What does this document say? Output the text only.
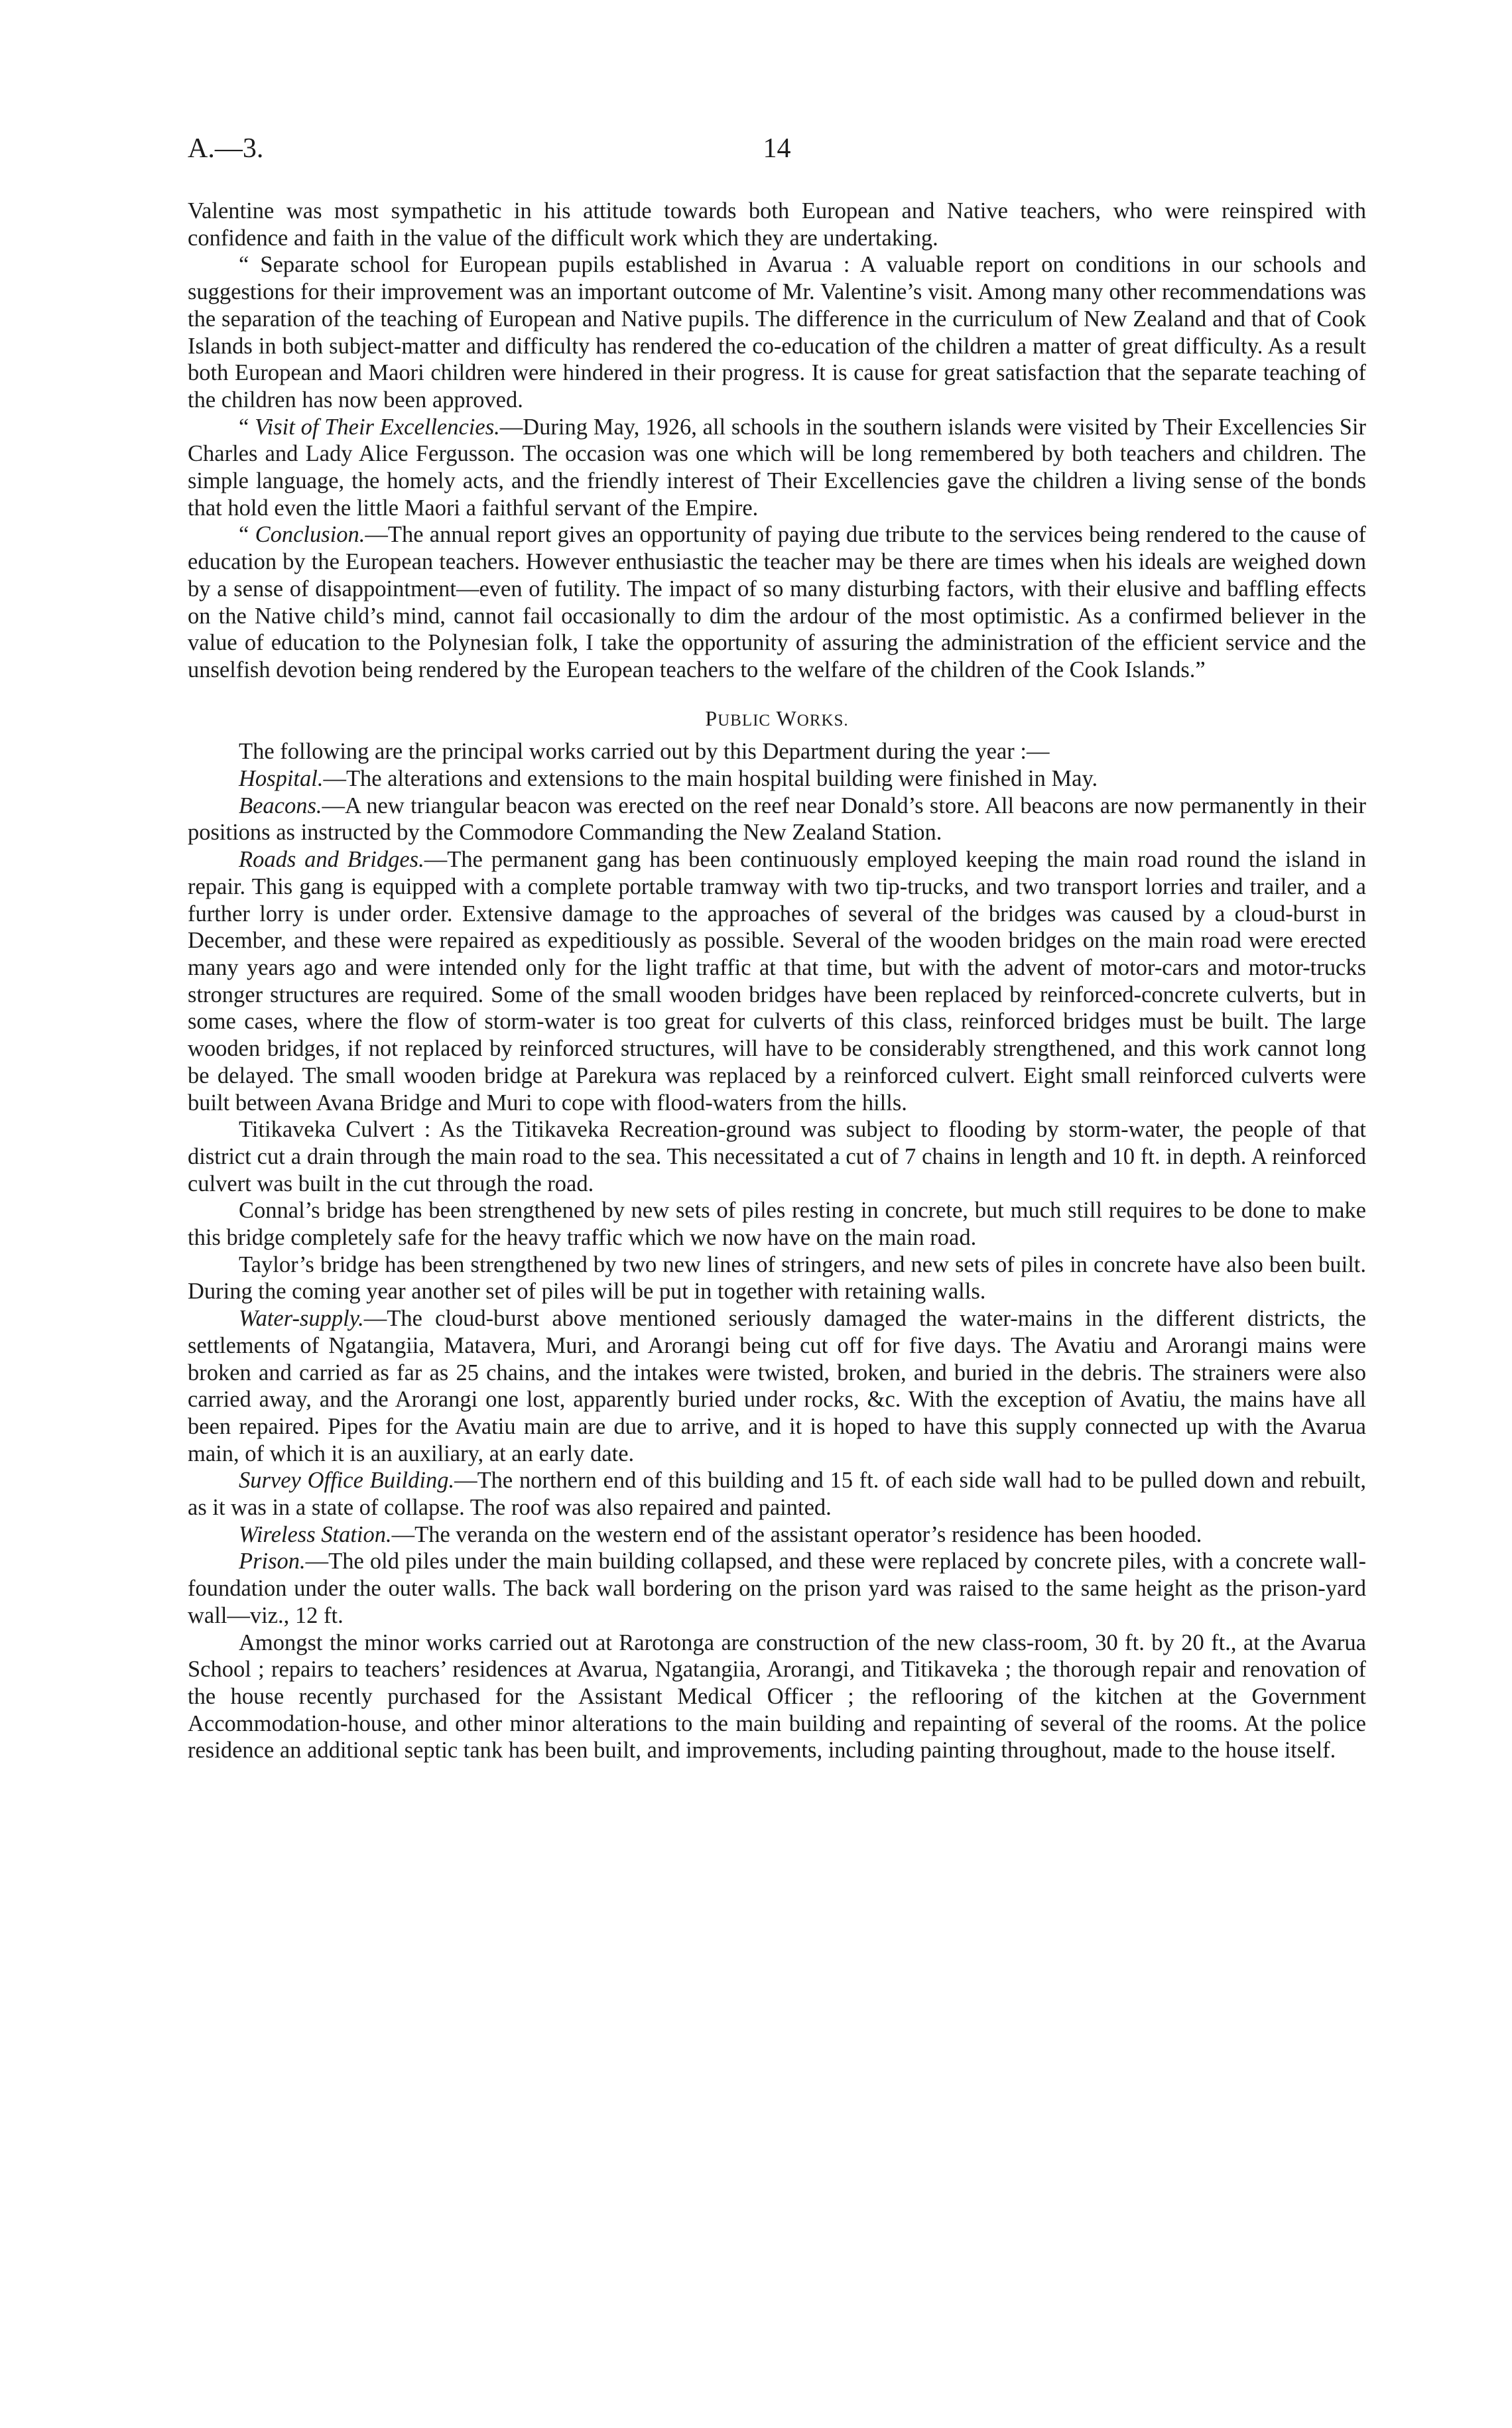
A.—3.	14

Valentine was most sympathetic in his attitude towards both European and Native teachers, who were reinspired with confidence and faith in the value of the difficult work which they are undertaking.

“ Separate school for European pupils established in Avarua : A valuable report on conditions in our schools and suggestions for their improvement was an important outcome of Mr. Valentine’s visit. Among many other recommendations was the separation of the teaching of European and Native pupils. The difference in the curriculum of New Zealand and that of Cook Islands in both subject-matter and difficulty has rendered the co-education of the children a matter of great difficulty. As a result both European and Maori children were hindered in their progress. It is cause for great satisfaction that the separate teaching of the children has now been approved.

“ Visit of Their Excellencies.—During May, 1926, all schools in the southern islands were visited by Their Excellencies Sir Charles and Lady Alice Fergusson. The occasion was one which will be long remembered by both teachers and children. The simple language, the homely acts, and the friendly interest of Their Excellencies gave the children a living sense of the bonds that hold even the little Maori a faithful servant of the Empire.

“ Conclusion.—The annual report gives an opportunity of paying due tribute to the services being rendered to the cause of education by the European teachers. However enthusiastic the teacher may be there are times when his ideals are weighed down by a sense of disappointment—even of futility. The impact of so many disturbing factors, with their elusive and baffling effects on the Native child’s mind, cannot fail occasionally to dim the ardour of the most optimistic. As a confirmed believer in the value of education to the Polynesian folk, I take the opportunity of assuring the administration of the efficient service and the unselfish devotion being rendered by the European teachers to the welfare of the children of the Cook Islands.”

PUBLIC WORKS.

The following are the principal works carried out by this Department during the year :—

Hospital.—The alterations and extensions to the main hospital building were finished in May.

Beacons.—A new triangular beacon was erected on the reef near Donald’s store. All beacons are now permanently in their positions as instructed by the Commodore Commanding the New Zealand Station.

Roads and Bridges.—The permanent gang has been continuously employed keeping the main road round the island in repair. This gang is equipped with a complete portable tramway with two tip-trucks, and two transport lorries and trailer, and a further lorry is under order. Extensive damage to the approaches of several of the bridges was caused by a cloud-burst in December, and these were repaired as expeditiously as possible. Several of the wooden bridges on the main road were erected many years ago and were intended only for the light traffic at that time, but with the advent of motor-cars and motor-trucks stronger structures are required. Some of the small wooden bridges have been replaced by reinforced-concrete culverts, but in some cases, where the flow of storm-water is too great for culverts of this class, reinforced bridges must be built. The large wooden bridges, if not replaced by reinforced structures, will have to be considerably strengthened, and this work cannot long be delayed. The small wooden bridge at Parekura was replaced by a reinforced culvert. Eight small reinforced culverts were built between Avana Bridge and Muri to cope with flood-waters from the hills.

Titikaveka Culvert : As the Titikaveka Recreation-ground was subject to flooding by storm-water, the people of that district cut a drain through the main road to the sea. This necessitated a cut of 7 chains in length and 10 ft. in depth. A reinforced culvert was built in the cut through the road.

Connal’s bridge has been strengthened by new sets of piles resting in concrete, but much still requires to be done to make this bridge completely safe for the heavy traffic which we now have on the main road.

Taylor’s bridge has been strengthened by two new lines of stringers, and new sets of piles in concrete have also been built. During the coming year another set of piles will be put in together with retaining walls.

Water-supply.—The cloud-burst above mentioned seriously damaged the water-mains in the different districts, the settlements of Ngatangiia, Matavera, Muri, and Arorangi being cut off for five days. The Avatiu and Arorangi mains were broken and carried as far as 25 chains, and the intakes were twisted, broken, and buried in the debris. The strainers were also carried away, and the Arorangi one lost, apparently buried under rocks, &c. With the exception of Avatiu, the mains have all been repaired. Pipes for the Avatiu main are due to arrive, and it is hoped to have this supply connected up with the Avarua main, of which it is an auxiliary, at an early date.

Survey Office Building.—The northern end of this building and 15 ft. of each side wall had to be pulled down and rebuilt, as it was in a state of collapse. The roof was also repaired and painted.

Wireless Station.—The veranda on the western end of the assistant operator’s residence has been hooded.

Prison.—The old piles under the main building collapsed, and these were replaced by concrete piles, with a concrete wall-foundation under the outer walls. The back wall bordering on the prison yard was raised to the same height as the prison-yard wall—viz., 12 ft.

Amongst the minor works carried out at Rarotonga are construction of the new class-room, 30 ft. by 20 ft., at the Avarua School ; repairs to teachers’ residences at Avarua, Ngatangiia, Arorangi, and Titikaveka ; the thorough repair and renovation of the house recently purchased for the Assistant Medical Officer ; the reflooring of the kitchen at the Government Accommodation-house, and other minor alterations to the main building and repainting of several of the rooms. At the police residence an additional septic tank has been built, and improvements, including painting throughout, made to the house itself.
